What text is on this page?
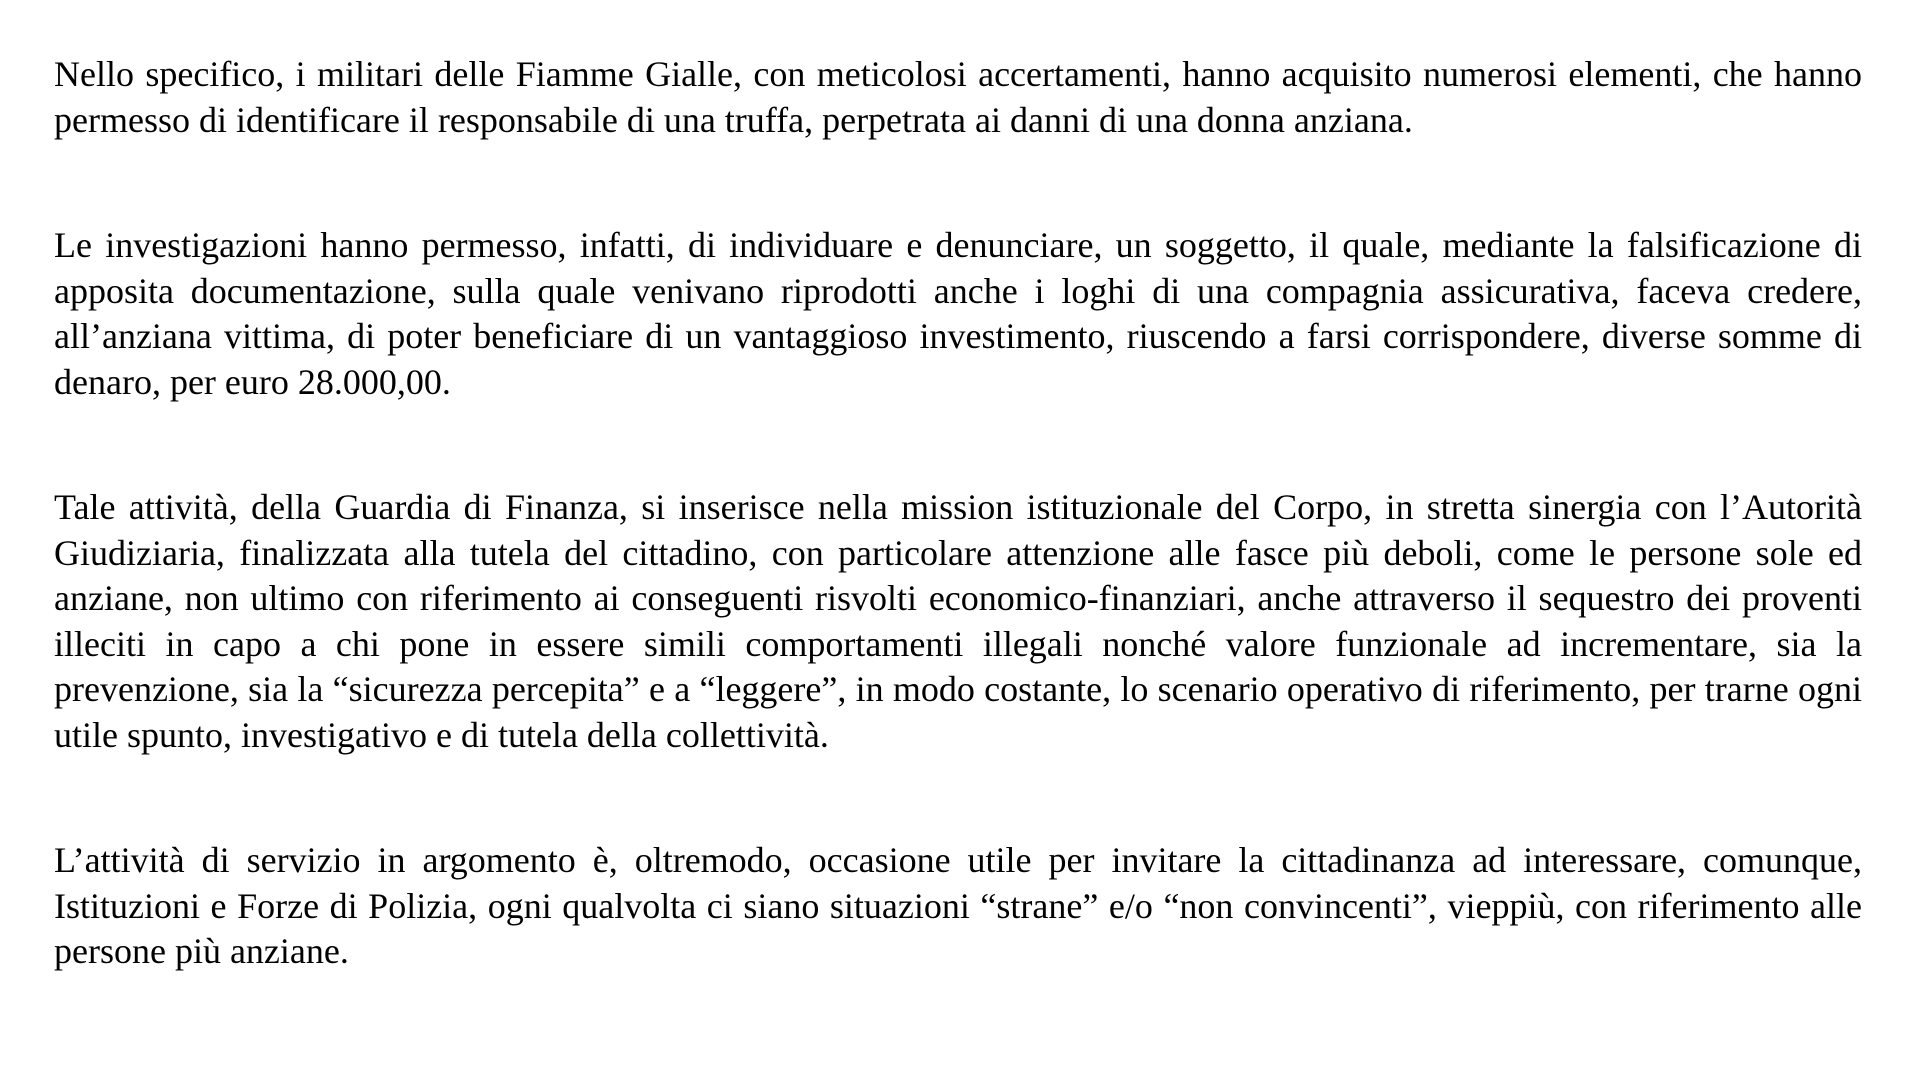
Nello specifico, i militari delle Fiamme Gialle, con meticolosi accertamenti, hanno acquisito numerosi elementi, che hanno permesso di identificare il responsabile di una truffa, perpetrata ai danni di una donna anziana.

Le investigazioni hanno permesso, infatti, di individuare e denunciare, un soggetto, il quale, mediante la falsificazione di apposita documentazione, sulla quale venivano riprodotti anche i loghi di una compagnia assicurativa, faceva credere, all’anziana vittima, di poter beneficiare di un vantaggioso investimento, riuscendo a farsi corrispondere, diverse somme di denaro, per euro 28.000,00.

Tale attività, della Guardia di Finanza, si inserisce nella mission istituzionale del Corpo, in stretta sinergia con l’Autorità Giudiziaria, finalizzata alla tutela del cittadino, con particolare attenzione alle fasce più deboli, come le persone sole ed anziane, non ultimo con riferimento ai conseguenti risvolti economico-finanziari, anche attraverso il sequestro dei proventi illeciti in capo a chi pone in essere simili comportamenti illegali nonché valore funzionale ad incrementare, sia la prevenzione, sia la “sicurezza percepita” e a “leggere”, in modo costante, lo scenario operativo di riferimento, per trarne ogni utile spunto, investigativo e di tutela della collettività.

L’attività di servizio in argomento è, oltremodo, occasione utile per invitare la cittadinanza ad interessare, comunque, Istituzioni e Forze di Polizia, ogni qualvolta ci siano situazioni “strane” e/o “non convincenti”, vieppiù, con riferimento alle persone più anziane.
